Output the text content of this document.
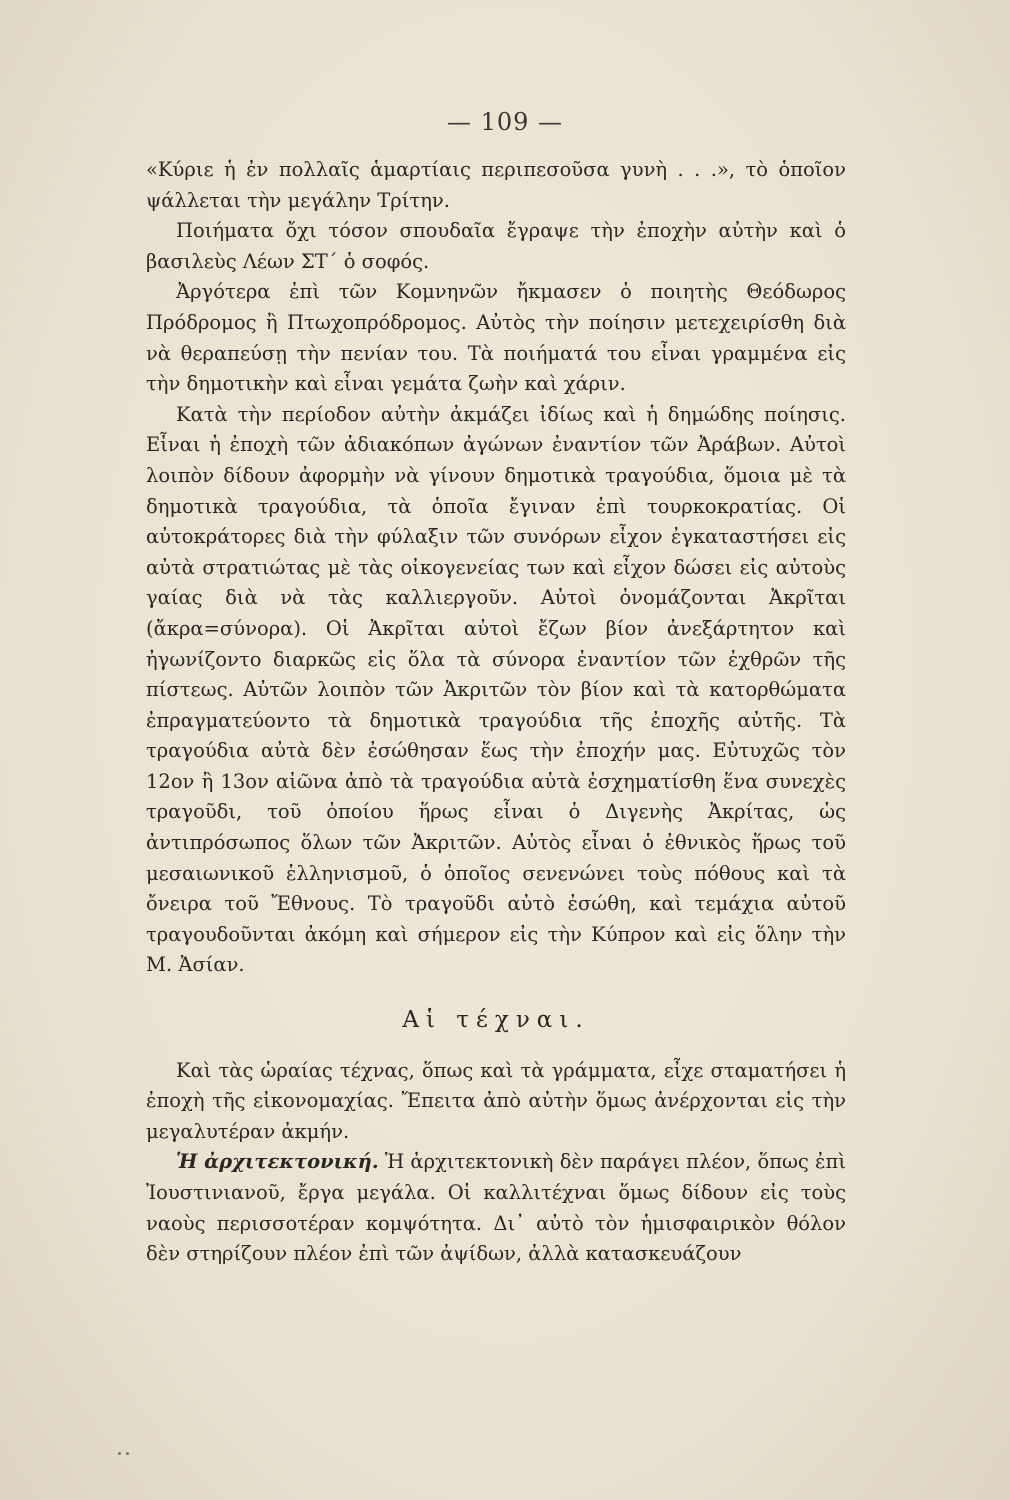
— 109 —

«Κύριε ἡ ἐν πολλαῖς ἁμαρτίαις περιπεσοῦσα γυνὴ . . .», τὸ ὁποῖον ψάλλεται τὴν μεγάλην Τρίτην.

Ποιήματα ὄχι τόσον σπουδαῖα ἔγραψε τὴν ἐποχὴν αὐτὴν καὶ ὁ βασιλεὺς Λέων ΣΤ΄ ὁ σοφός.

Ἀργότερα ἐπὶ τῶν Κομνηνῶν ἤκμασεν ὁ ποιητὴς Θεόδωρος Πρόδρομος ἢ Πτωχοπρόδρομος. Αὐτὸς τὴν ποίησιν μετεχειρίσθη διὰ νὰ θεραπεύσῃ τὴν πενίαν του. Τὰ ποιήματά του εἶναι γραμμένα εἰς τὴν δημοτικὴν καὶ εἶναι γεμάτα ζωὴν καὶ χάριν.

Κατὰ τὴν περίοδον αὐτὴν ἀκμάζει ἰδίως καὶ ἡ δημώδης ποίησις. Εἶναι ἡ ἐποχὴ τῶν ἀδιακόπων ἀγώνων ἐναντίον τῶν Ἀράβων. Αὐτοὶ λοιπὸν δίδουν ἀφορμὴν νὰ γίνουν δημοτικὰ τραγούδια, ὅμοια μὲ τὰ δημοτικὰ τραγούδια, τὰ ὁποῖα ἔγιναν ἐπὶ τουρκοκρατίας. Οἱ αὐτοκράτορες διὰ τὴν φύλαξιν τῶν συνόρων εἶχον ἐγκαταστήσει εἰς αὐτὰ στρατιώτας μὲ τὰς οἰκογενείας των καὶ εἶχον δώσει εἰς αὐτοὺς γαίας διὰ νὰ τὰς καλλιεργοῦν. Αὐτοὶ ὀνομάζονται Ἀκρῖται (ἄκρα=σύνορα). Οἱ Ἀκρῖται αὐτοὶ ἔζων βίον ἀνεξάρτητον καὶ ἠγωνίζοντο διαρκῶς εἰς ὅλα τὰ σύνορα ἐναντίον τῶν ἐχθρῶν τῆς πίστεως. Αὐτῶν λοιπὸν τῶν Ἀκριτῶν τὸν βίον καὶ τὰ κατορθώματα ἐπραγματεύοντο τὰ δημοτικὰ τραγούδια τῆς ἐποχῆς αὐτῆς. Τὰ τραγούδια αὐτὰ δὲν ἐσώθησαν ἕως τὴν ἐποχήν μας. Εὐτυχῶς τὸν 12ον ἢ 13ον αἰῶνα ἀπὸ τὰ τραγούδια αὐτὰ ἐσχηματίσθη ἕνα συνεχὲς τραγοῦδι, τοῦ ὁποίου ἥρως εἶναι ὁ Διγενὴς Ἀκρίτας, ὡς ἀντιπρόσωπος ὅλων τῶν Ἀκριτῶν. Αὐτὸς εἶναι ὁ ἐθνικὸς ἥρως τοῦ μεσαιωνικοῦ ἑλληνισμοῦ, ὁ ὁποῖος σενενώνει τοὺς πόθους καὶ τὰ ὄνειρα τοῦ Ἔθνους. Τὸ τραγοῦδι αὐτὸ ἐσώθη, καὶ τεμάχια αὐτοῦ τραγουδοῦνται ἀκόμη καὶ σήμερον εἰς τὴν Κύπρον καὶ εἰς ὅλην τὴν Μ. Ἀσίαν.

Αἱ τέχναι.

Καὶ τὰς ὡραίας τέχνας, ὅπως καὶ τὰ γράμματα, εἶχε σταματήσει ἡ ἐποχὴ τῆς εἰκονομαχίας. Ἔπειτα ἀπὸ αὐτὴν ὅμως ἀνέρχονται εἰς τὴν μεγαλυτέραν ἀκμήν.

Ἡ ἀρχιτεκτονική. Ἡ ἀρχιτεκτονικὴ δὲν παράγει πλέον, ὅπως ἐπὶ Ἰουστινιανοῦ, ἔργα μεγάλα. Οἱ καλλιτέχναι ὅμως δίδουν εἰς τοὺς ναοὺς περισσοτέραν κομψότητα. Δι᾽ αὐτὸ τὸν ἡμισφαιρικὸν θόλον δὲν στηρίζουν πλέον ἐπὶ τῶν ἀψίδων, ἀλλὰ κατασκευάζουν
